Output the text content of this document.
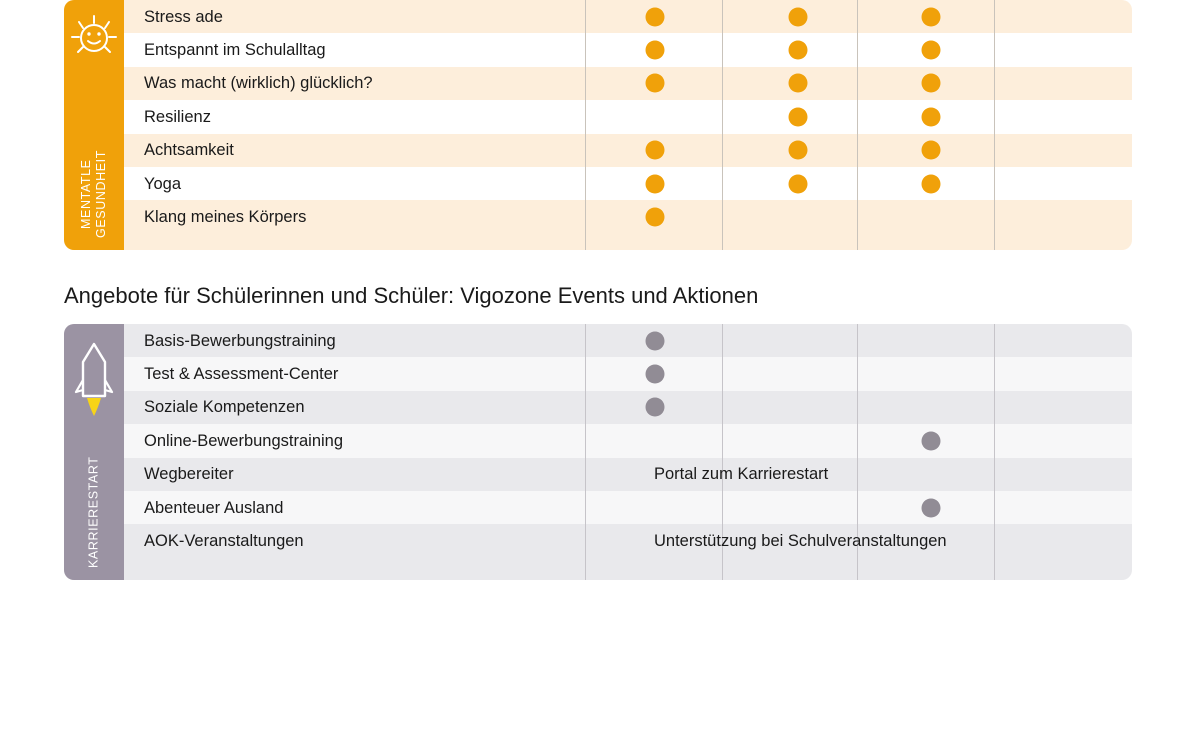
MENTATLE
GESUNDHEIT
Stress ade
Entspannt im Schulalltag
Was macht (wirklich) glücklich?
Resilienz
Achtsamkeit
Yoga
Klang meines Körpers
Angebote für Schülerinnen und Schüler: Vigozone Events und Aktionen
KARRIERESTART
Basis-Bewerbungstraining
Test & Assessment-Center
Soziale Kompetenzen
Online-Bewerbungstraining
Wegbereiter	Portal zum Karrierestart
Abenteuer Ausland
AOK-Veranstaltungen	Unterstützung bei Schulveranstaltungen
